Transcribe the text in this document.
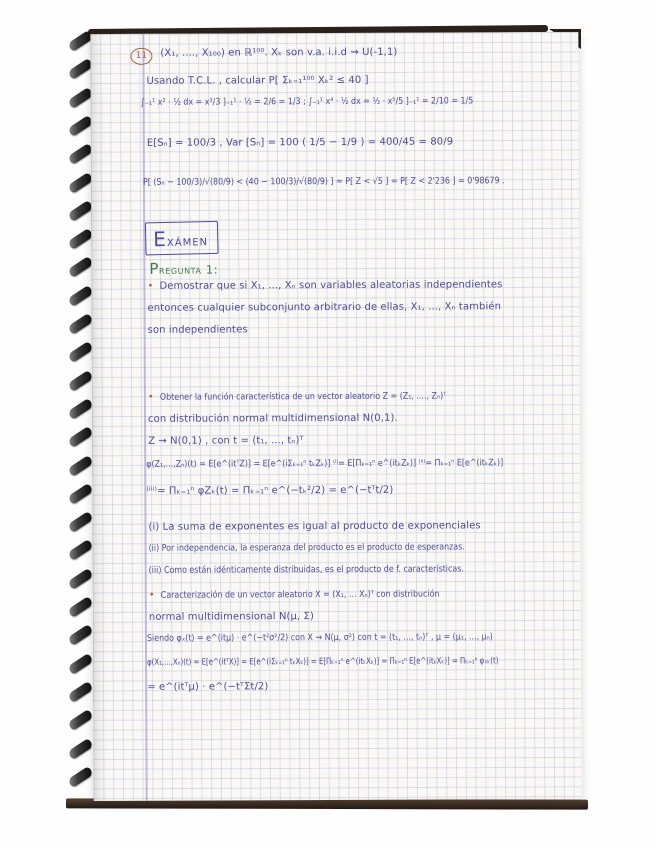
11 (X₁, ...., X₁₀₀) en ℝ¹⁰⁰. Xₖ son v.a. i.i.d ⇝ U(-1,1)
Usando T.C.L. , calcular P[ Σₖ₌₁¹⁰⁰ Xₖ² ≤ 40 ]
∫₋₁¹ x² · ½ dx = x³/3 ]₋₁¹ · ½ = 2/6 = 1/3 ; ∫₋₁¹ x⁴ · ½ dx = ½ · x⁵/5 ]₋₁¹ = 2/10 = 1/5
E[Sₙ] = 100/3 , Var [Sₙ] = 100 ( 1/5 − 1/9 ) = 400/45 = 80/9
P[ (Sₙ − 100/3)/√(80/9) < (40 − 100/3)/√(80/9) ] ≈ P[ Z < √5 ] = P[ Z < 2'236 ] = 0'98679 .
Exámen
Pregunta 1:
• Demostrar que si X₁, ..., Xₙ son variables aleatorias independientes
entonces cualquier subconjunto arbitrario de ellas, X₁, ..., Xₙ también
son independientes
• Obtener la función característica de un vector aleatorio Z = (Z₁, ...., Zₙ)ᵀ
con distribución normal multidimensional N(0,1).
Z ⇝ N(0,1) , con t = (t₁, ..., tₙ)ᵀ
φ(Z₁,...,Zₙ)(t) = E[e^(itᵀZ)] = E[e^(iΣₖ₌₁ⁿ tₖZₖ)] ⁽ⁱ⁾= E[Πₖ₌₁ⁿ e^(itₖZₖ)] ⁽ⁱⁱ⁾= Πₖ₌₁ⁿ E[e^(itₖZₖ)]
⁽ⁱⁱⁱ⁾= Πₖ₌₁ⁿ φZₖ(t) = Πₖ₌₁ⁿ e^(−tₖ²/2) = e^(−tᵀt/2)
(i) La suma de exponentes es igual al producto de exponenciales
(ii) Por independencia, la esperanza del producto es el producto de esperanzas.
(iii) Como están idénticamente distribuidas, es el producto de f. características.
• Caracterización de un vector aleatorio X = (X₁, ... Xₙ)ᵀ con distribución
normal multidimensional N(μ, Σ)
Siendo φₓ(t) = e^(itμ) · e^(−t²σ²/2) con X ⇝ N(μ, σ²) con t = (t₁, ..., tₙ)ᵀ , μ = (μ₁, ..., μₙ)
φ(X₁,...,Xₙ)(t) = E[e^(itᵀX)] = E[e^(iΣₖ₌₁ⁿ tₖXₖ)] = E[Πₖ₌₁ⁿ e^(itₖXₖ)] = Πₖ₌₁ⁿ E[e^(itₖXₖ)] = Πₖ₌₁ⁿ φₓₖ(t)
= e^(itᵀμ) · e^(−tᵀΣt/2)
